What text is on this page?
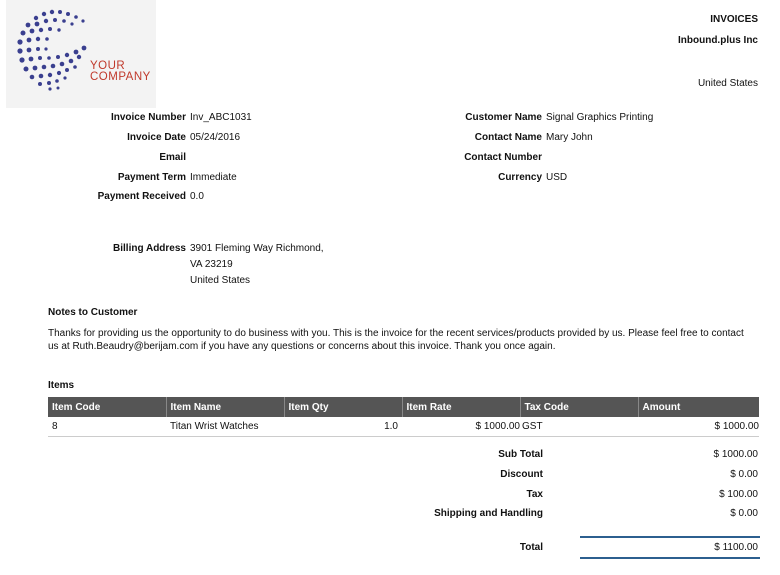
YOUR
COMPANY
INVOICES
Inbound.plus Inc
United States
Invoice Number Inv_ABC1031
Invoice Date 05/24/2016
Email
Payment Term Immediate
Payment Received 0.0
Customer Name Signal Graphics Printing
Contact Name Mary John
Contact Number
Currency USD
Billing Address 3901 Fleming Way Richmond,
VA 23219
United States
Notes to Customer
Thanks for providing us the opportunity to do business with you. This is the invoice for the recent services/products provided by us. Please feel free to contact us at Ruth.Beaudry@berijam.com if you have any questions or concerns about this invoice. Thank you once again.
Items
Item Code	Item Name	Item Qty	Item Rate	Tax Code	Amount
8	Titan Wrist Watches	1.0	$ 1000.00	GST	$ 1000.00
Sub Total	$ 1000.00
Discount	$ 0.00
Tax	$ 100.00
Shipping and Handling	$ 0.00
Total	$ 1100.00
